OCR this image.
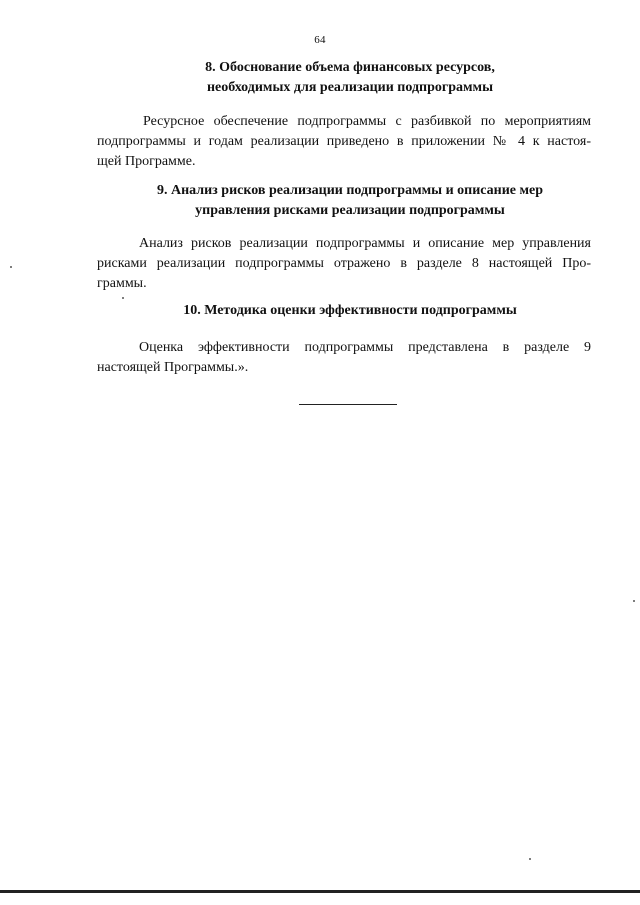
64
8. Обоснование объема финансовых ресурсов,
необходимых для реализации подпрограммы
Ресурсное обеспечение подпрограммы с разбивкой по мероприятиям
подпрограммы и годам реализации приведено в приложении № 4 к настоя-
щей Программе.
9. Анализ рисков реализации подпрограммы и описание мер
управления рисками реализации подпрограммы
Анализ рисков реализации подпрограммы и описание мер управления
рисками реализации подпрограммы отражено в разделе 8 настоящей Про-
граммы.
10. Методика оценки эффективности подпрограммы
Оценка эффективности подпрограммы представлена в разделе 9
настоящей Программы.».
